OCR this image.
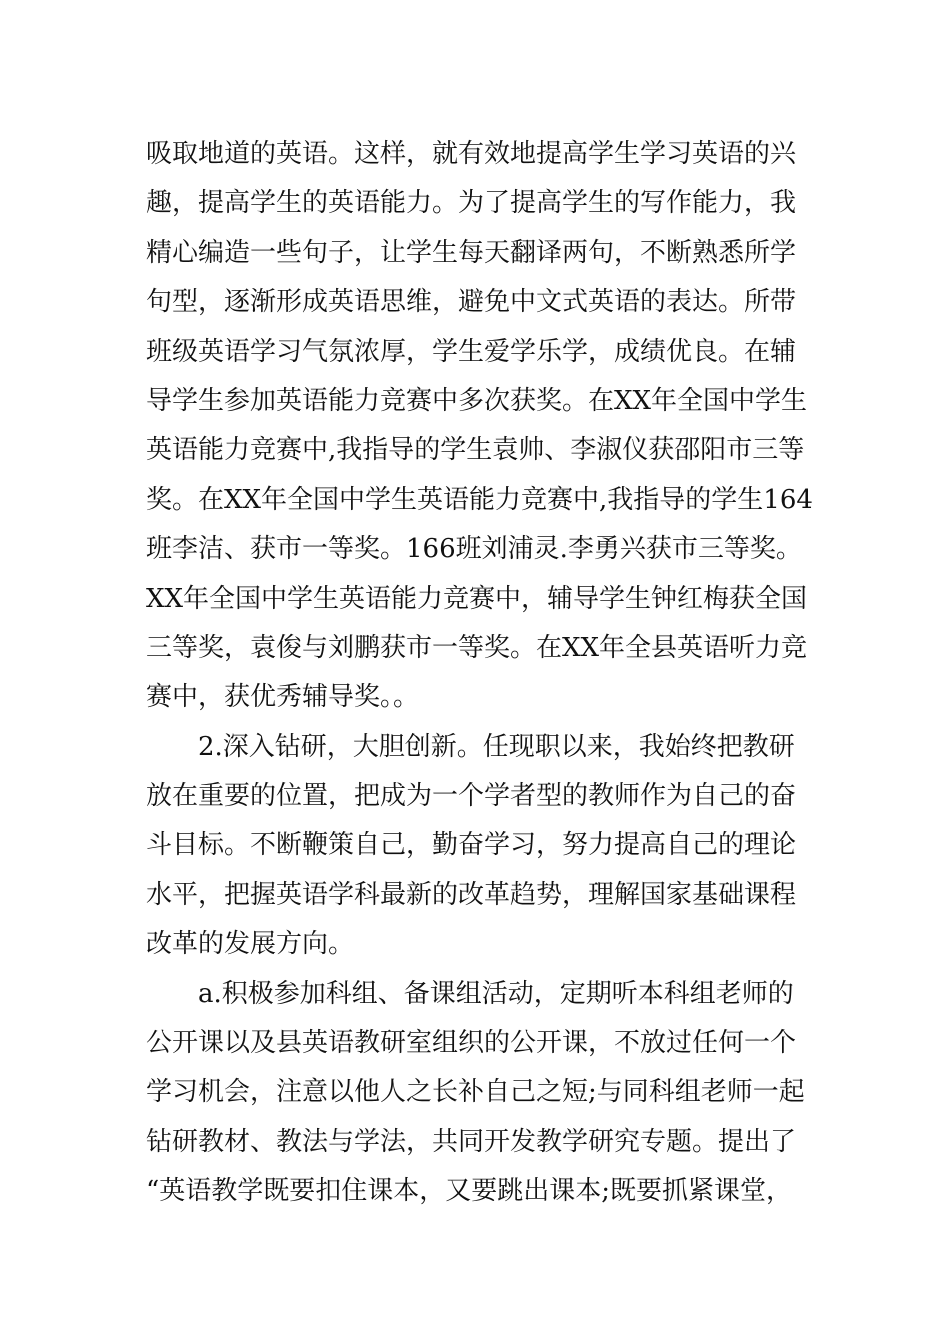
吸取地道的英语。这样，就有效地提高学生学习英语的兴
趣，提高学生的英语能力。为了提高学生的写作能力，我
精心编造一些句子，让学生每天翻译两句，不断熟悉所学
句型，逐渐形成英语思维，避免中文式英语的表达。所带
班级英语学习气氛浓厚，学生爱学乐学，成绩优良。在辅
导学生参加英语能力竞赛中多次获奖。在XX年全国中学生
英语能力竞赛中,我指导的学生袁帅、李淑仪获邵阳市三等
奖。在XX年全国中学生英语能力竞赛中,我指导的学生164
班李洁、获市一等奖。166班刘浦灵.李勇兴获市三等奖。
XX年全国中学生英语能力竞赛中，辅导学生钟红梅获全国
三等奖，袁俊与刘鹏获市一等奖。在XX年全县英语听力竞
赛中，获优秀辅导奖。。
2.深入钻研，大胆创新。任现职以来，我始终把教研
放在重要的位置，把成为一个学者型的教师作为自己的奋
斗目标。不断鞭策自己，勤奋学习，努力提高自己的理论
水平，把握英语学科最新的改革趋势，理解国家基础课程
改革的发展方向。
a.积极参加科组、备课组活动，定期听本科组老师的
公开课以及县英语教研室组织的公开课，不放过任何一个
学习机会，注意以他人之长补自己之短;与同科组老师一起
钻研教材、教法与学法，共同开发教学研究专题。提出了
“英语教学既要扣住课本，又要跳出课本;既要抓紧课堂，
